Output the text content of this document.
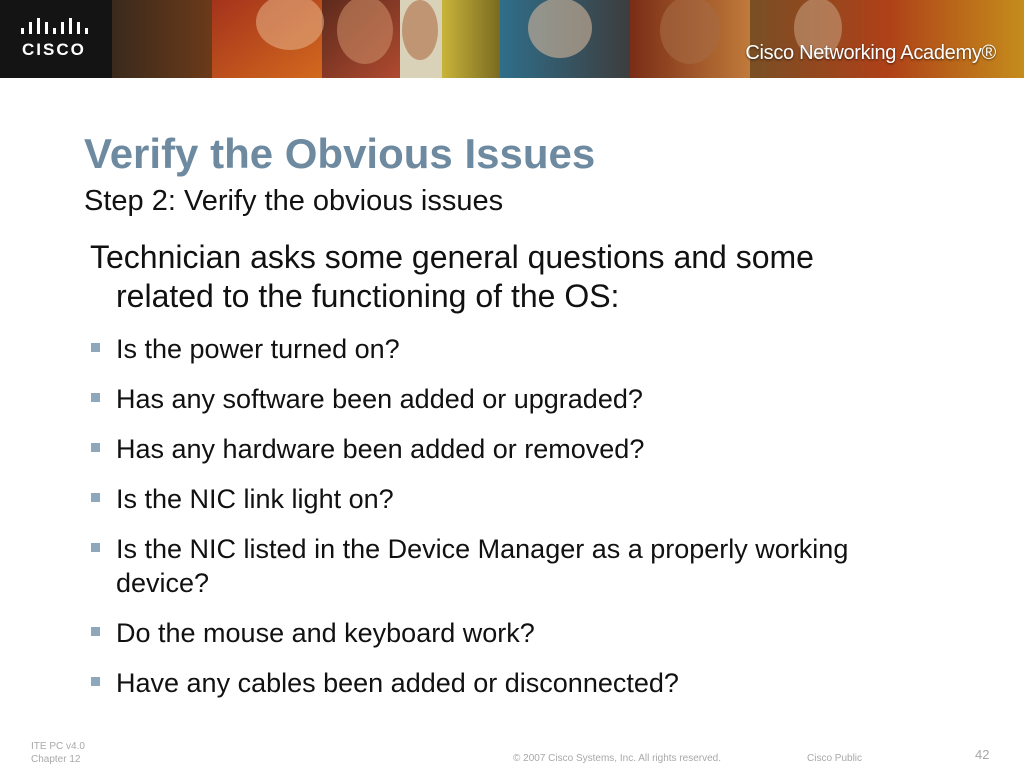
CISCO	Cisco Networking Academy®
Verify the Obvious Issues
Step 2: Verify the obvious issues
Technician asks some general questions and some related to the functioning of the OS:
Is the power turned on?
Has any software been added or upgraded?
Has any hardware been added or removed?
Is the NIC link light on?
Is the NIC listed in the Device Manager as a properly working device?
Do the mouse and keyboard work?
Have any cables been added or disconnected?
ITE PC v4.0
Chapter 12	© 2007 Cisco Systems, Inc. All rights reserved.	Cisco Public	42
